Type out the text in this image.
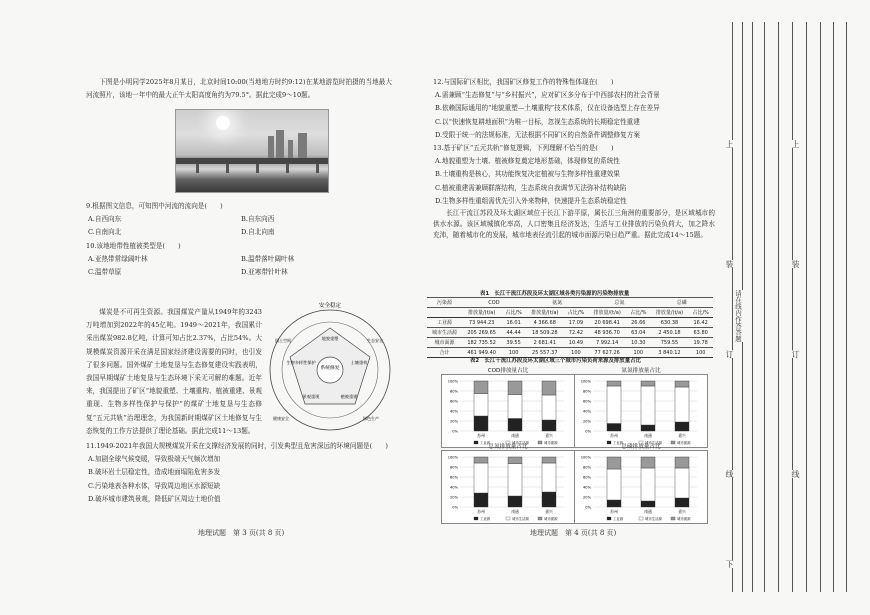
下图是小明同学2025年8月某日，北京时间10:00(当地地方时约9:12)在某地游览时拍摄的当地最大河流照片，该地一年中的最大正午太阳高度角约为79.5°。据此完成9～10题。

9.根据图文信息，可知图中河流的流向是(　　)

A.自西向东	B.自东向西

C.自南向北	D.自北向南

10.该地地带性植被类型是(　　)

A.亚热带常绿阔叶林	B.温带落叶阔叶林

C.温带草原	D.亚寒带针叶林

煤炭是不可再生资源。我国煤炭产量从1949年的3243万吨增加到2022年的45亿吨。1949～2021年，我国累计采出煤炭982.8亿吨，计算可知占比2.37%，占比54%。大规模煤炭资源开采在满足国家经济建设需要的同时，也引发了很多问题。国外煤矿土地复垦与生态修复建设实践表明，我国早期煤矿土地复垦与生态环境下采无可解的难题。近年来，我国提出了矿区“地貌重塑、土壤重构、植被重建、景观重现、生物多样性保护与保护”的煤矿土地复垦与生态修复“五元共轨”治理理念，为我国新时期煤矿区土地修复与生态恢复的工作方法提供了理论基础。据此完成11～13题。

安全稳定
系统修复
地貌重塑
土壤重构
植被重建
景观重现
生物多样性保护
国土空间	生态安全
绿色生产
健康安全

11.1949-2021年我国大规模煤炭开采在支撑经济发展的同时，引发典型且危害深远的环境问题是(　　)

A.加剧全球气候变暖，导致极端天气频次增加

B.破坏岩土层稳定性，造成地面塌陷危害多发

C.污染地表各种水体，导致周边地区水源短缺

D.破坏城市建筑景观，降低矿区周边土地价值

地理试题　第 3 页(共 8 页)

12.与国际矿区相比，我国矿区修复工作的特殊性体现在(　　)

A.需兼顾“生态修复”与“乡村振兴”，应对矿区多分布于中西部农村的社会背景

B.依赖国际通用的“地貌重塑—土壤重构”技术体系，仅在设备选型上存在差异

C.以“快速恢复耕地面积”为唯一目标，忽视生态系统的长期稳定性重建

D.受限于统一的法规标准，无法根据不同矿区的自然条件调整修复方案

13.基于矿区“五元共轨”修复逻辑，下列理解不恰当的是(　　)

A.地貌重塑为土壤、植被修复奠定地形基础，体现修复的系统性

B.土壤重构是核心，其功能恢复决定植被与生物多样性重建效果

C.植被重建需兼顾群落结构，生态系统自我调节无法弥补结构缺陷

D.生物多样性重组需优先引入外来物种，快速提升生态系统稳定性

长江干流江苏段及环太湖区域位于长江下游平原，属长江三角洲的重要部分，是区域城市的供水水源。该区域城镇化率高，人口密集且经济发达，生活与工业排放的污染负荷大，加之降水充沛，随着城市化的发展，城市地表径流引起的城市面源污染日趋严重。据此完成14～15题。

表1　长江干流江苏段及环太湖区域各类污染源的污染物排放量
污染源	COD		氨氮		总氮		总磷	
	排放量/(t/a)	占比/%	排放量/(t/a)	占比/%	排放量/(t/a)	占比/%	排放量/(t/a)	占比/%
工业源	73 944.23	16.01	4 366.68	17.09	20 698.41	26.66	630.38	16.42
城市生活源	205 269.65	44.44	18 509.28	72.42	48 936.70	63.04	2 450.18	63.80
城市面源	182 735.52	39.55	2 681.41	10.49	7 992.14	10.30	759.55	19.78
合计	461 949.40	100	25 557.37	100	77 627.26	100	3 840.12	100
表2　长江干流江苏段及环太湖区域三个城市污染负荷来源及排放量占比
COD排放量占比
0%
20%
40%
60%
80%
100%
苏州	南通	嘉兴
工业源	城市生活源	城市面源
氨氮排放量占比
0%
20%
40%
60%
80%
100%
苏州	南通	嘉兴
工业源	城市生活源	城市面源
总氮排放量占比
0%
20%
40%
60%
80%
100%
苏州	南通	嘉兴
工业源	城市生活源	城市面源
总磷排放量占比
0%
20%
40%
60%
80%
100%
苏州	南通	嘉兴
工业源	城市生活源	城市面源
地理试题　第 4 页(共 8 页)
上
装
订
线
下
请在线内作答答题
上
装
订
线
